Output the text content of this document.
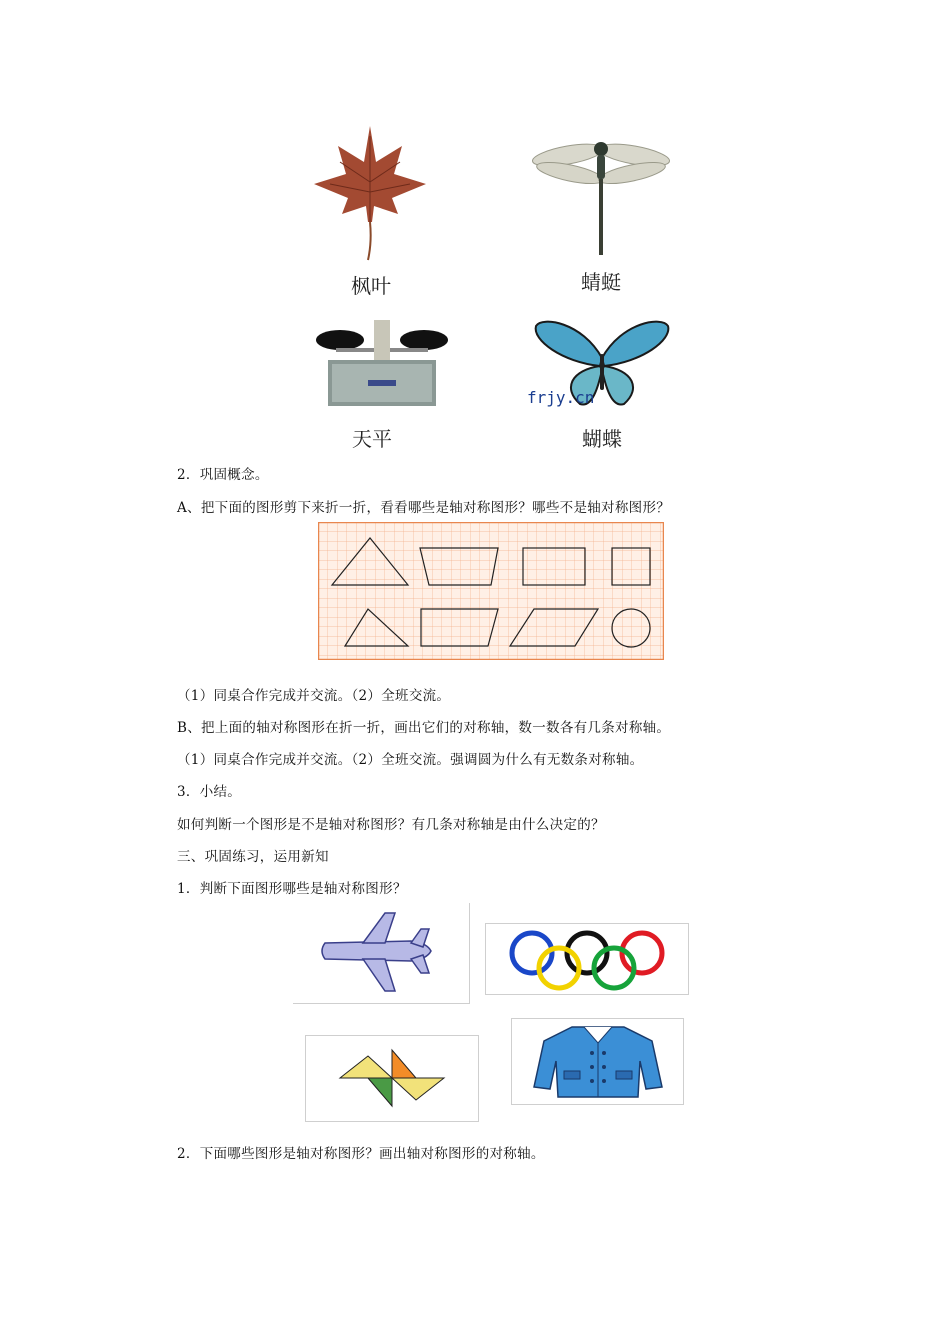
枫叶	蜻蜓
天平
frjy.cn
蝴蝶
2．巩固概念。
A、把下面的图形剪下来折一折，看看哪些是轴对称图形？哪些不是轴对称图形？
（1）同桌合作完成并交流。（2）全班交流。
B、把上面的轴对称图形在折一折，画出它们的对称轴，数一数各有几条对称轴。
（1）同桌合作完成并交流。（2）全班交流。强调圆为什么有无数条对称轴。
3．小结。
如何判断一个图形是不是轴对称图形？有几条对称轴是由什么决定的？
三、巩固练习，运用新知
1．判断下面图形哪些是轴对称图形？
2．下面哪些图形是轴对称图形？画出轴对称图形的对称轴。
